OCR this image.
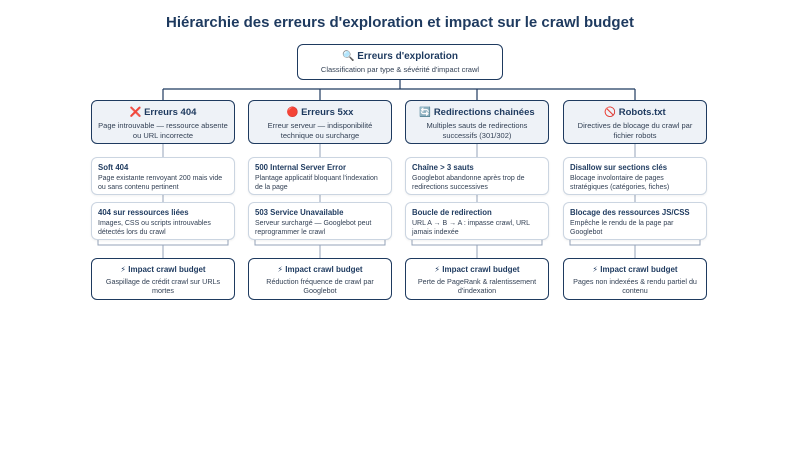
Hiérarchie des erreurs d'exploration et impact sur le crawl budget
🔍 Erreurs d'exploration
Classification par type & sévérité d'impact crawl
❌ Erreurs 404
Page introuvable — ressource absente ou URL incorrecte
Soft 404
Page existante renvoyant 200 mais vide ou sans contenu pertinent
404 sur ressources liées
Images, CSS ou scripts introuvables détectés lors du crawl
⚡ Impact crawl budget
Gaspillage de crédit crawl sur URLs mortes
🔴 Erreurs 5xx
Erreur serveur — indisponibilité technique ou surcharge
500 Internal Server Error
Plantage applicatif bloquant l'indexation de la page
503 Service Unavailable
Serveur surchargé — Googlebot peut reprogrammer le crawl
⚡ Impact crawl budget
Réduction fréquence de crawl par Googlebot
🔄 Redirections chainées
Multiples sauts de redirections successifs (301/302)
Chaîne > 3 sauts
Googlebot abandonne après trop de redirections successives
Boucle de redirection
URL A → B → A : impasse crawl, URL jamais indexée
⚡ Impact crawl budget
Perte de PageRank & ralentissement d'indexation
🚫 Robots.txt
Directives de blocage du crawl par fichier robots
Disallow sur sections clés
Blocage involontaire de pages stratégiques (catégories, fiches)
Blocage des ressources JS/CSS
Empêche le rendu de la page par Googlebot
⚡ Impact crawl budget
Pages non indexées & rendu partiel du contenu
